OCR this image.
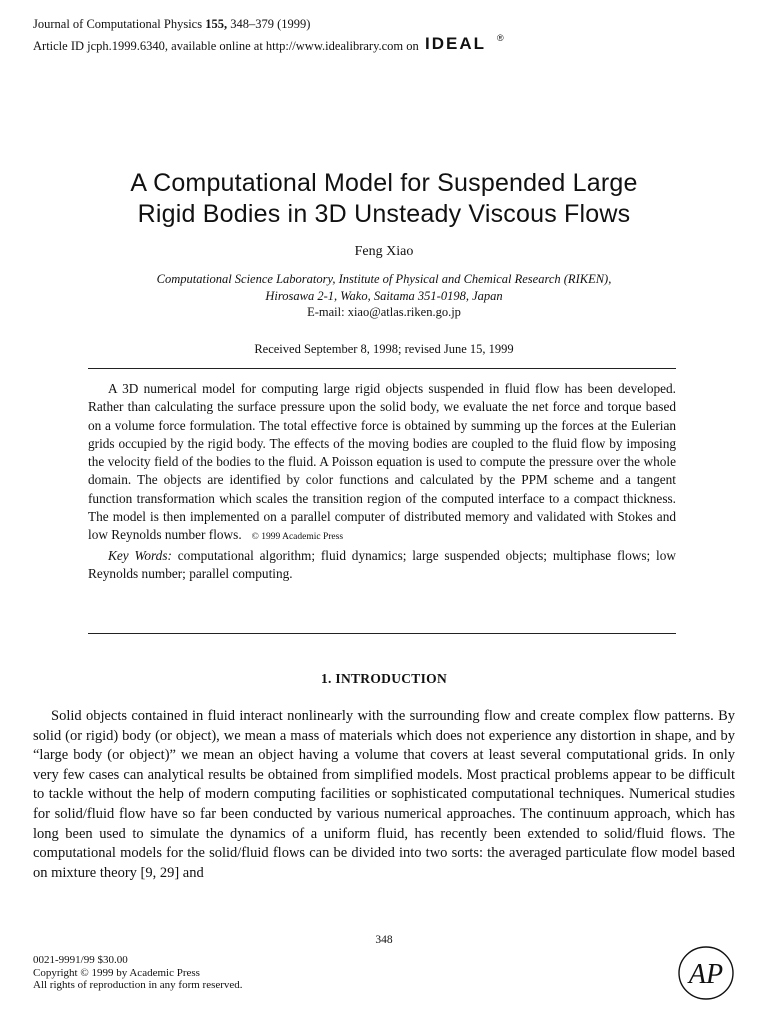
Journal of Computational Physics 155, 348–379 (1999)
Article ID jcph.1999.6340, available online at http://www.idealibrary.com on IDEAL ®
A Computational Model for Suspended Large
Rigid Bodies in 3D Unsteady Viscous Flows
Feng Xiao
Computational Science Laboratory, Institute of Physical and Chemical Research (RIKEN),
Hirosawa 2-1, Wako, Saitama 351-0198, Japan
E-mail: xiao@atlas.riken.go.jp
Received September 8, 1998; revised June 15, 1999

A 3D numerical model for computing large rigid objects suspended in fluid flow has been developed. Rather than calculating the surface pressure upon the solid body, we evaluate the net force and torque based on a volume force formulation. The total effective force is obtained by summing up the forces at the Eulerian grids occupied by the rigid body. The effects of the moving bodies are coupled to the fluid flow by imposing the velocity field of the bodies to the fluid. A Poisson equation is used to compute the pressure over the whole domain. The objects are identified by color functions and calculated by the PPM scheme and a tangent function transformation which scales the transition region of the computed interface to a compact thickness. The model is then implemented on a parallel computer of distributed memory and validated with Stokes and low Reynolds number flows. © 1999 Academic Press

Key Words: computational algorithm; fluid dynamics; large suspended objects; multiphase flows; low Reynolds number; parallel computing.

1. INTRODUCTION

Solid objects contained in fluid interact nonlinearly with the surrounding flow and create complex flow patterns. By solid (or rigid) body (or object), we mean a mass of materials which does not experience any distortion in shape, and by “large body (or object)” we mean an object having a volume that covers at least several computational grids. In only very few cases can analytical results be obtained from simplified models. Most practical problems appear to be difficult to tackle without the help of modern computing facilities or sophisticated computational techniques. Numerical studies for solid/fluid flow have so far been conducted by various numerical approaches. The continuum approach, which has long been used to simulate the dynamics of a uniform fluid, has recently been extended to solid/fluid flows. The computational models for the solid/fluid flows can be divided into two sorts: the averaged particulate flow model based on mixture theory [9, 29] and

348
0021-9991/99 $30.00
Copyright © 1999 by Academic Press
All rights of reproduction in any form reserved.	AP
